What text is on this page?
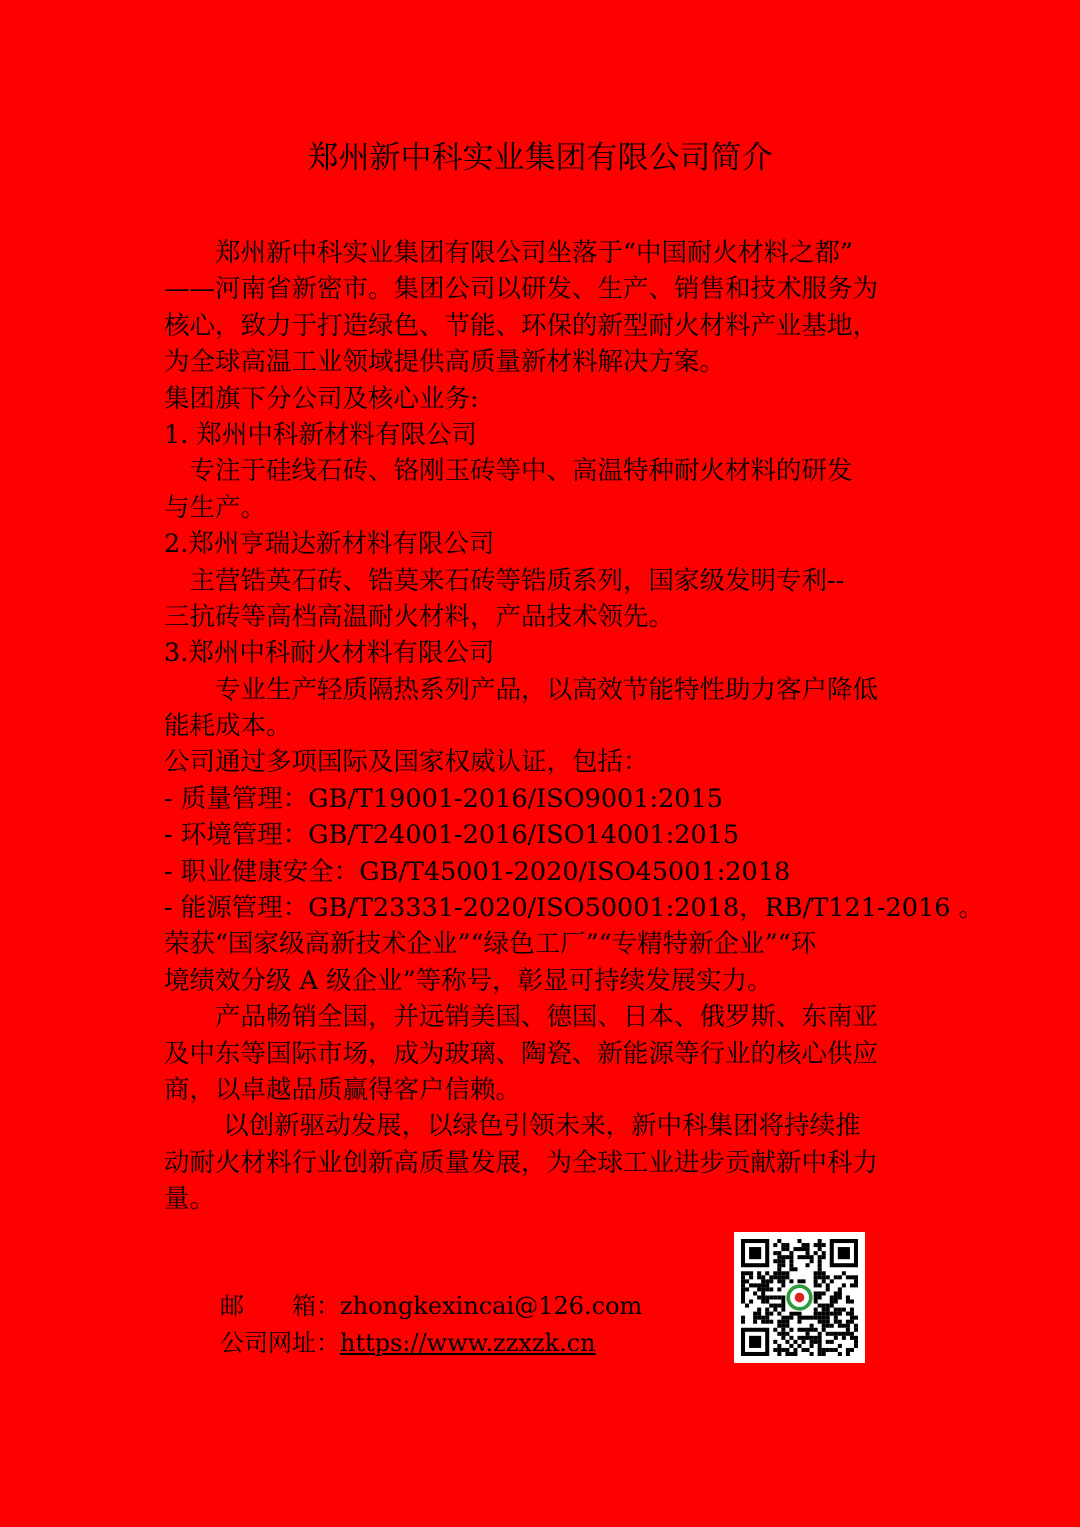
郑州新中科实业集团有限公司简介
　　郑州新中科实业集团有限公司坐落于“中国耐火材料之都”
——河南省新密市。集团公司以研发、生产、销售和技术服务为
核心，致力于打造绿色、节能、环保的新型耐火材料产业基地，
为全球高温工业领域提供高质量新材料解决方案。
集团旗下分公司及核心业务:
1. 郑州中科新材料有限公司
　专注于硅线石砖、铬刚玉砖等中、高温特种耐火材料的研发
与生产。
2.郑州亨瑞达新材料有限公司
　主营锆英石砖、锆莫来石砖等锆质系列，国家级发明专利--
三抗砖等高档高温耐火材料，产品技术领先。
3.郑州中科耐火材料有限公司
　　专业生产轻质隔热系列产品，以高效节能特性助力客户降低
能耗成本。
公司通过多项国际及国家权威认证，包括：
- 质量管理：GB/T19001-2016/ISO9001:2015
- 环境管理：GB/T24001-2016/ISO14001:2015
- 职业健康安全：GB/T45001-2020/ISO45001:2018
- 能源管理：GB/T23331-2020/ISO50001:2018，RB/T121-2016 。
荣获“国家级高新技术企业”“绿色工厂”“专精特新企业”“环
境绩效分级 A 级企业”等称号，彰显可持续发展实力。
　　产品畅销全国，并远销美国、德国、日本、俄罗斯、东南亚
及中东等国际市场，成为玻璃、陶瓷、新能源等行业的核心供应
商，以卓越品质赢得客户信赖。
　　 以创新驱动发展，以绿色引领未来，新中科集团将持续推
动耐火材料行业创新高质量发展，为全球工业进步贡献新中科力
量。
邮　　箱：zhongkexincai@126.com
公司网址：https://www.zzxzk.cn
